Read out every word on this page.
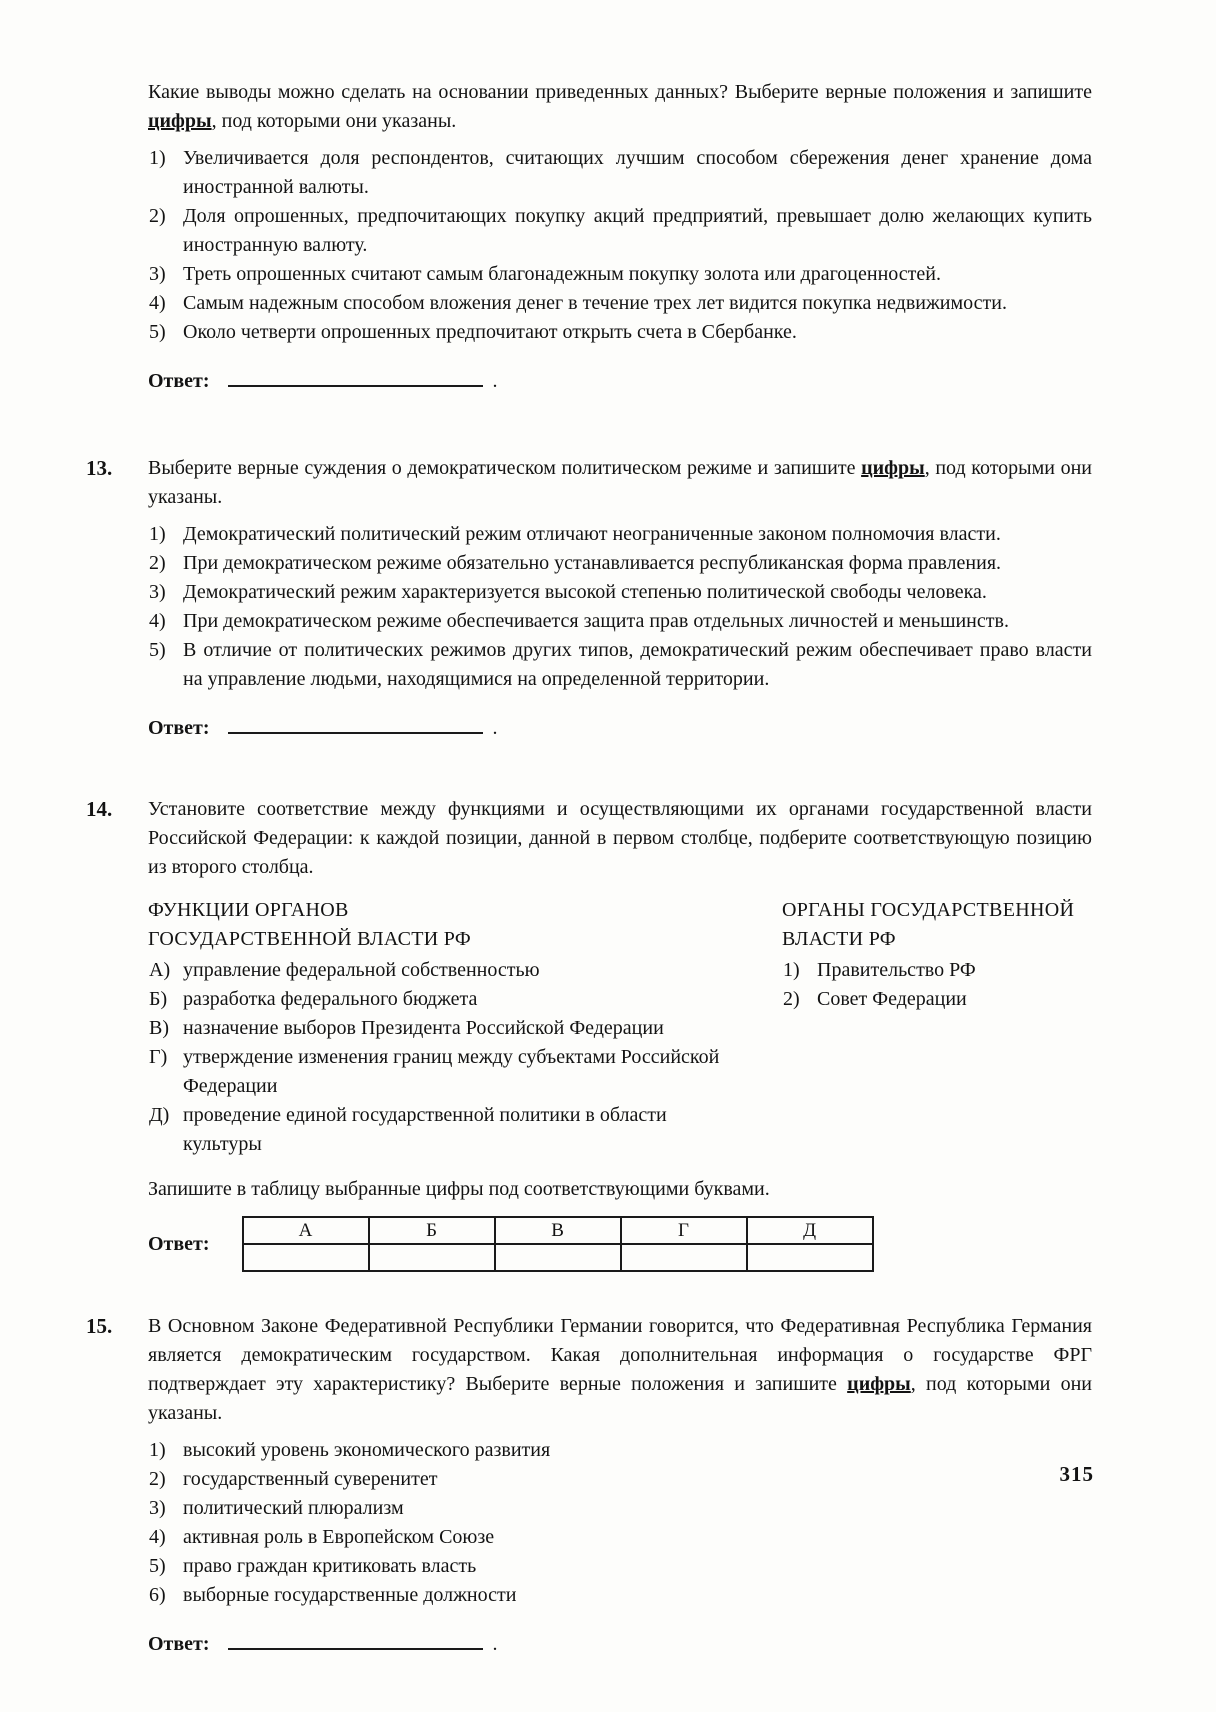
Какие выводы можно сделать на основании приведенных данных? Выберите верные положения и запишите цифры, под которыми они указаны.

1) Увеличивается доля респондентов, считающих лучшим способом сбережения денег хранение дома иностранной валюты.
2) Доля опрошенных, предпочитающих покупку акций предприятий, превышает долю желающих купить иностранную валюту.
3) Треть опрошенных считают самым благонадежным покупку золота или драгоценностей.
4) Самым надежным способом вложения денег в течение трех лет видится покупка недвижимости.
5) Около четверти опрошенных предпочитают открыть счета в Сбербанке.
Ответ:	.
13. Выберите верные суждения о демократическом политическом режиме и запишите цифры, под которыми они указаны.

1) Демократический политический режим отличают неограниченные законом полномочия власти.
2) При демократическом режиме обязательно устанавливается республиканская форма правления.
3) Демократический режим характеризуется высокой степенью политической свободы человека.
4) При демократическом режиме обеспечивается защита прав отдельных личностей и меньшинств.
5) В отличие от политических режимов других типов, демократический режим обеспечивает право власти на управление людьми, находящимися на определенной территории.
Ответ:	.
14. Установите соответствие между функциями и осуществляющими их органами государственной власти Российской Федерации: к каждой позиции, данной в первом столбце, подберите соответствующую позицию из второго столбца.

ФУНКЦИИ ОРГАНОВ
ГОСУДАРСТВЕННОЙ ВЛАСТИ РФ
А) управление федеральной собственностью
Б) разработка федерального бюджета
В) назначение выборов Президента Российской Федерации
Г) утверждение изменения границ между субъектами Российской Федерации
Д) проведение единой государственной политики в области культуры
ОРГАНЫ ГОСУДАРСТВЕННОЙ
ВЛАСТИ РФ
1) Правительство РФ
2) Совет Федерации

Запишите в таблицу выбранные цифры под соответствующими буквами.

Ответ:
А	Б	В	Г	Д

15. В Основном Законе Федеративной Республики Германии говорится, что Федеративная Республика Германия является демократическим государством. Какая дополнительная информация о государстве ФРГ подтверждает эту характеристику? Выберите верные положения и запишите цифры, под которыми они указаны.

1) высокий уровень экономического развития
2) государственный суверенитет
3) политический плюрализм
4) активная роль в Европейском Союзе
5) право граждан критиковать власть
6) выборные государственные должности
Ответ:	.
315
